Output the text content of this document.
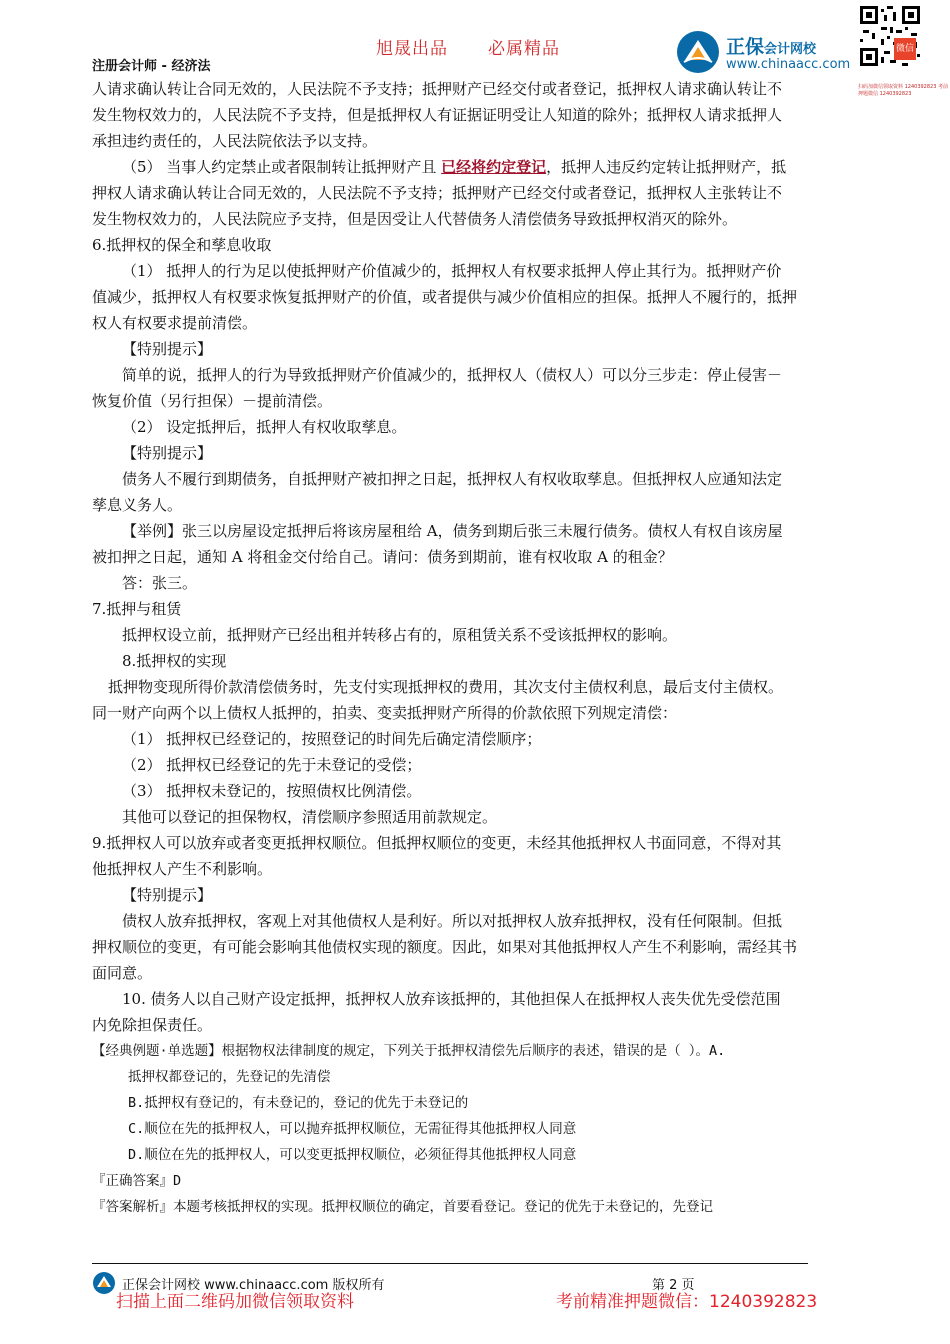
旭晟出品 必属精品
注册会计师 - 经济法
正保会计网校
www.chinaacc.com
微信
扫码加微信领取资料 1240392823 考前押题微信 1240392823
人请求确认转让合同无效的，人民法院不予支持；抵押财产已经交付或者登记，抵押权人请求确认转让不
发生物权效力的，人民法院不予支持，但是抵押权人有证据证明受让人知道的除外；抵押权人请求抵押人
承担违约责任的，人民法院依法予以支持。
（5） 当事人约定禁止或者限制转让抵押财产且 已经将约定登记，抵押人违反约定转让抵押财产，抵
押权人请求确认转让合同无效的，人民法院不予支持；抵押财产已经交付或者登记，抵押权人主张转让不
发生物权效力的，人民法院应予支持，但是因受让人代替债务人清偿债务导致抵押权消灭的除外。
6.抵押权的保全和孳息收取
（1） 抵押人的行为足以使抵押财产价值减少的，抵押权人有权要求抵押人停止其行为。抵押财产价
值减少，抵押权人有权要求恢复抵押财产的价值，或者提供与减少价值相应的担保。抵押人不履行的，抵押
权人有权要求提前清偿。
【特别提示】
简单的说，抵押人的行为导致抵押财产价值减少的，抵押权人（债权人）可以分三步走：停止侵害－
恢复价值（另行担保）－提前清偿。
（2） 设定抵押后，抵押人有权收取孳息。
【特别提示】
债务人不履行到期债务，自抵押财产被扣押之日起，抵押权人有权收取孳息。但抵押权人应通知法定
孳息义务人。
【举例】张三以房屋设定抵押后将该房屋租给 A，债务到期后张三未履行债务。债权人有权自该房屋
被扣押之日起，通知 A 将租金交付给自己。请问：债务到期前，谁有权收取 A 的租金？
答：张三。
7.抵押与租赁
抵押权设立前，抵押财产已经出租并转移占有的，原租赁关系不受该抵押权的影响。
8.抵押权的实现
抵押物变现所得价款清偿债务时，先支付实现抵押权的费用，其次支付主债权利息，最后支付主债权。
同一财产向两个以上债权人抵押的，拍卖、变卖抵押财产所得的价款依照下列规定清偿：
（1） 抵押权已经登记的，按照登记的时间先后确定清偿顺序；
（2） 抵押权已经登记的先于未登记的受偿；
（3） 抵押权未登记的，按照债权比例清偿。
其他可以登记的担保物权，清偿顺序参照适用前款规定。
9.抵押权人可以放弃或者变更抵押权顺位。但抵押权顺位的变更，未经其他抵押权人书面同意，不得对其
他抵押权人产生不利影响。
【特别提示】
债权人放弃抵押权，客观上对其他债权人是利好。所以对抵押权人放弃抵押权，没有任何限制。但抵
押权顺位的变更，有可能会影响其他债权实现的额度。因此，如果对其他抵押权人产生不利影响，需经其书
面同意。
10. 债务人以自己财产设定抵押，抵押权人放弃该抵押的，其他担保人在抵押权人丧失优先受偿范围
内免除担保责任。
【经典例题·单选题】根据物权法律制度的规定，下列关于抵押权清偿先后顺序的表述，错误的是（ ）。A.
抵押权都登记的，先登记的先清偿
B.抵押权有登记的，有未登记的，登记的优先于未登记的
C.顺位在先的抵押权人，可以抛弃抵押权顺位，无需征得其他抵押权人同意
D.顺位在先的抵押权人，可以变更抵押权顺位，必须征得其他抵押权人同意
『正确答案』D
『答案解析』本题考核抵押权的实现。抵押权顺位的确定，首要看登记。登记的优先于未登记的，先登记
正保会计网校 www.chinaacc.com 版权所有	第 2 页
扫描上面二维码加微信领取资料	考前精准押题微信：1240392823
